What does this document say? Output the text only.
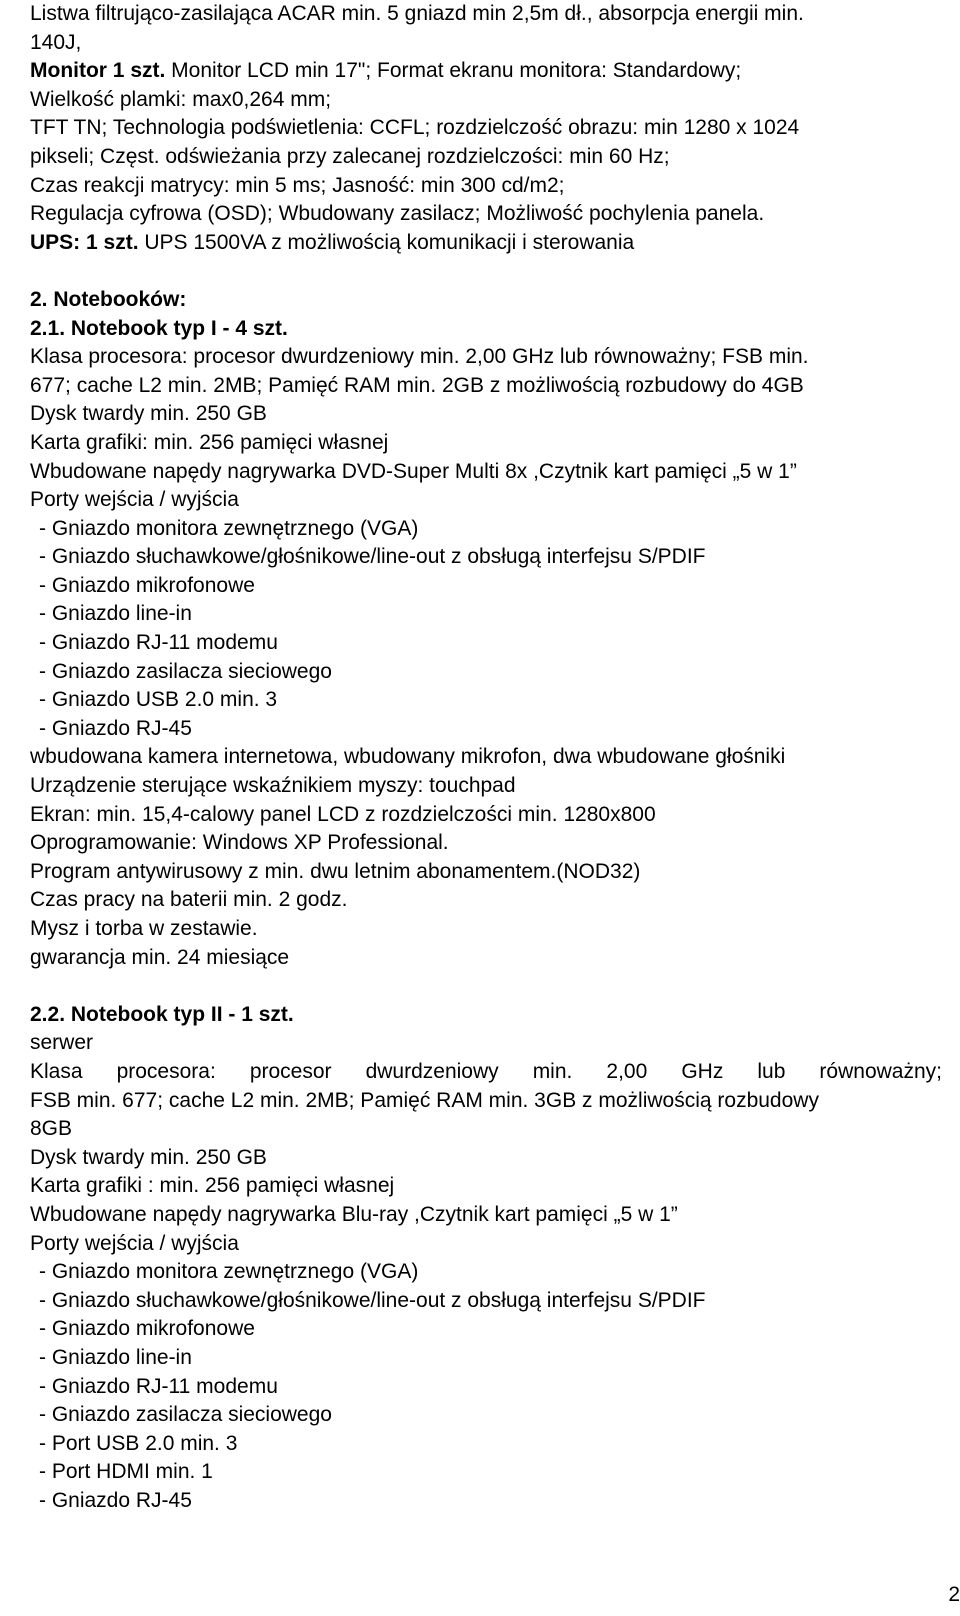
Listwa filtrująco-zasilająca ACAR min. 5 gniazd min 2,5m dł., absorpcja energii min.
140J,
Monitor 1 szt. Monitor LCD min 17"; Format ekranu monitora: Standardowy;
Wielkość plamki: max0,264 mm;
TFT TN; Technologia podświetlenia: CCFL; rozdzielczość obrazu: min 1280 x 1024
pikseli; Częst. odświeżania przy zalecanej rozdzielczości: min 60 Hz;
Czas reakcji matrycy: min 5 ms; Jasność: min 300 cd/m2;
Regulacja cyfrowa (OSD); Wbudowany zasilacz; Możliwość pochylenia panela.
UPS: 1 szt. UPS 1500VA z możliwością komunikacji i sterowania
2. Notebooków:
2.1. Notebook typ I - 4 szt.
Klasa procesora: procesor dwurdzeniowy min. 2,00 GHz lub równoważny; FSB min.
677; cache L2 min. 2MB; Pamięć RAM min. 2GB z możliwością rozbudowy do 4GB
Dysk twardy min. 250 GB
Karta grafiki: min. 256 pamięci własnej
Wbudowane napędy nagrywarka DVD-Super Multi 8x ,Czytnik kart pamięci „5 w 1”
Porty wejścia / wyjścia
- Gniazdo monitora zewnętrznego (VGA)
- Gniazdo słuchawkowe/głośnikowe/line-out z obsługą interfejsu S/PDIF
- Gniazdo mikrofonowe
- Gniazdo line-in
- Gniazdo RJ-11 modemu
- Gniazdo zasilacza sieciowego
- Gniazdo USB 2.0 min. 3
- Gniazdo RJ-45
wbudowana kamera internetowa, wbudowany mikrofon, dwa wbudowane głośniki
Urządzenie sterujące wskaźnikiem myszy: touchpad
Ekran: min. 15,4-calowy panel LCD z rozdzielczości min. 1280x800
Oprogramowanie: Windows XP Professional.
Program antywirusowy z min. dwu letnim abonamentem.(NOD32)
Czas pracy na baterii min. 2 godz.
Mysz i torba w zestawie.
gwarancja min. 24 miesiące
2.2. Notebook typ II - 1 szt.
serwer
Klasa procesora: procesor dwurdzeniowy min. 2,00 GHz lub równoważny;
FSB min. 677; cache L2 min. 2MB; Pamięć RAM min. 3GB z możliwością rozbudowy
8GB
Dysk twardy min. 250 GB
Karta grafiki : min. 256 pamięci własnej
Wbudowane napędy nagrywarka Blu-ray ,Czytnik kart pamięci „5 w 1”
Porty wejścia / wyjścia
- Gniazdo monitora zewnętrznego (VGA)
- Gniazdo słuchawkowe/głośnikowe/line-out z obsługą interfejsu S/PDIF
- Gniazdo mikrofonowe
- Gniazdo line-in
- Gniazdo RJ-11 modemu
- Gniazdo zasilacza sieciowego
- Port USB 2.0 min. 3
- Port HDMI min. 1
- Gniazdo RJ-45
2
